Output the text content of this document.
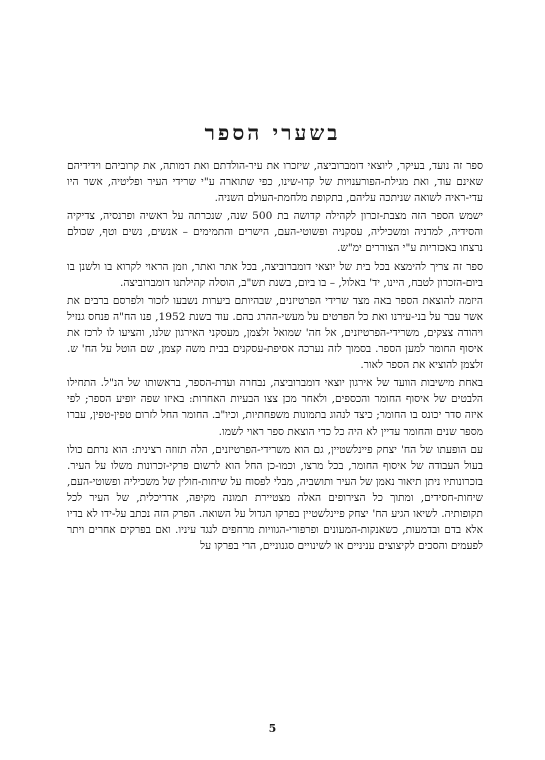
בשערי הספר

ספר זה נועד, בעיקר, ליוצאי דומברוביצה, שיזכרו את עיר-הולדתם ואת דמותה, את קרוביהם וידידיהם שאינם עוד, ואת מגילת-הפורענויות של קדו-שינו, כפי שתוארה ע"י שרידי העיר ופליטיה, אשר היו עדי-ראיה לשואה שניתכה עליהם, בתקופת מלחמת-העולם השניה.

ישמש הספר הזה מצבת-זכרון לקהילה קדושה בת 500 שנה, שנכרתה על ראשיה ופרנסיה, צדיקיה והסידיה, למדניה ומשכיליה, עסקניה ופשוטי-העם, הישרים והתמימים – אנשים, נשים וטף, שכולם נרצחו באכזריות ע"י הצוררים ימ"ש.

ספר זה צריך להימצא בכל בית של יוצאי דומברוביצה, בכל אתר ואתר, וזמן הראוי לקרוא בו ולשנן בו ביום-הזכרון לטבח, היינו, יד' באלול, – בו ביום, בשנת תש"ב, הוסלה קהילתנו דומברוביצה.

היזמה להוצאת הספר באה מצד שרידי הפרטיזנים, שבהיותם ביערות נשבעו לזכור ולפרסם ברבים את אשר עבר על בני-עירנו ואת כל הפרטים על מעשי-ההרג בהם. עוד בשנת 1952, פנו הח"ה פנחס גנזיל ויהודה צצקים, משרידי-הפרטיזנים, אל חה' שמואל זלצמן, מעסקני האירגון שלנו, והציעו לו לרכז את איסוף החומר למען הספר. בסמוך לזה נערכה אסיפת-עסקנים בבית משה קצמן, שם הוטל על הח' ש. זלצמן להוציא את הספר לאור.

באחת מישיבות הוועד של אירגון יוצאי דומברוביצה, נבחרה ועדת-הספר, בראשותו של הנ"ל. התחילו הלבטים של איסוף החומר והכספים, ולאחר מכן צצו הבעיות האחרות: באיזו שפה יופיע הספר; לפי איזה סדר יכונס בו החומר; כיצד לנהוג בתמונות משפחתיות, וכיו"ב. החומר החל לזרום טפין-טפין, עברו מספר שנים והחומר עדיין לא היה כל כדי הוצאת ספר ראוי לשמו.

עם הופעתו של הח' יצחק פיינלשטיין, גם הוא משרידי-הפרטיזנים, הלה תזוזה רצינית: הוא נרתם כולו בעול העבודה של איסוף החומר, בכל מרצו, וכמו-כן החל הוא לרשום פרקי-זכרונות משלו על העיר. בזכרונותיו ניתן תיאור נאמן של העיר ותושביה, מבלי לפסוח על שיחות-חולין של משכיליה ופשוטי-העם, שיחות-חסידים, ומתוך כל הצירופים האלה מצטיירת תמונה מקיפה, אדריכלית, של העיר לכל תקופותיה. לשיאו הגיע הח' יצחק פיינלשטיין בפרקו הגדול על השואה. הפרק הזה נכתב על-ידו לא בדיו אלא בדם ובדמעות, כשאנקות-המעונים ופרפורי-הגוויות מרחפים לנגד עיניו. ואם בפרקים אחרים ויתר לפעמים והסכים לקיצוצים עניניים או לשינויים סגנוניים, הרי בפרקו על

5
